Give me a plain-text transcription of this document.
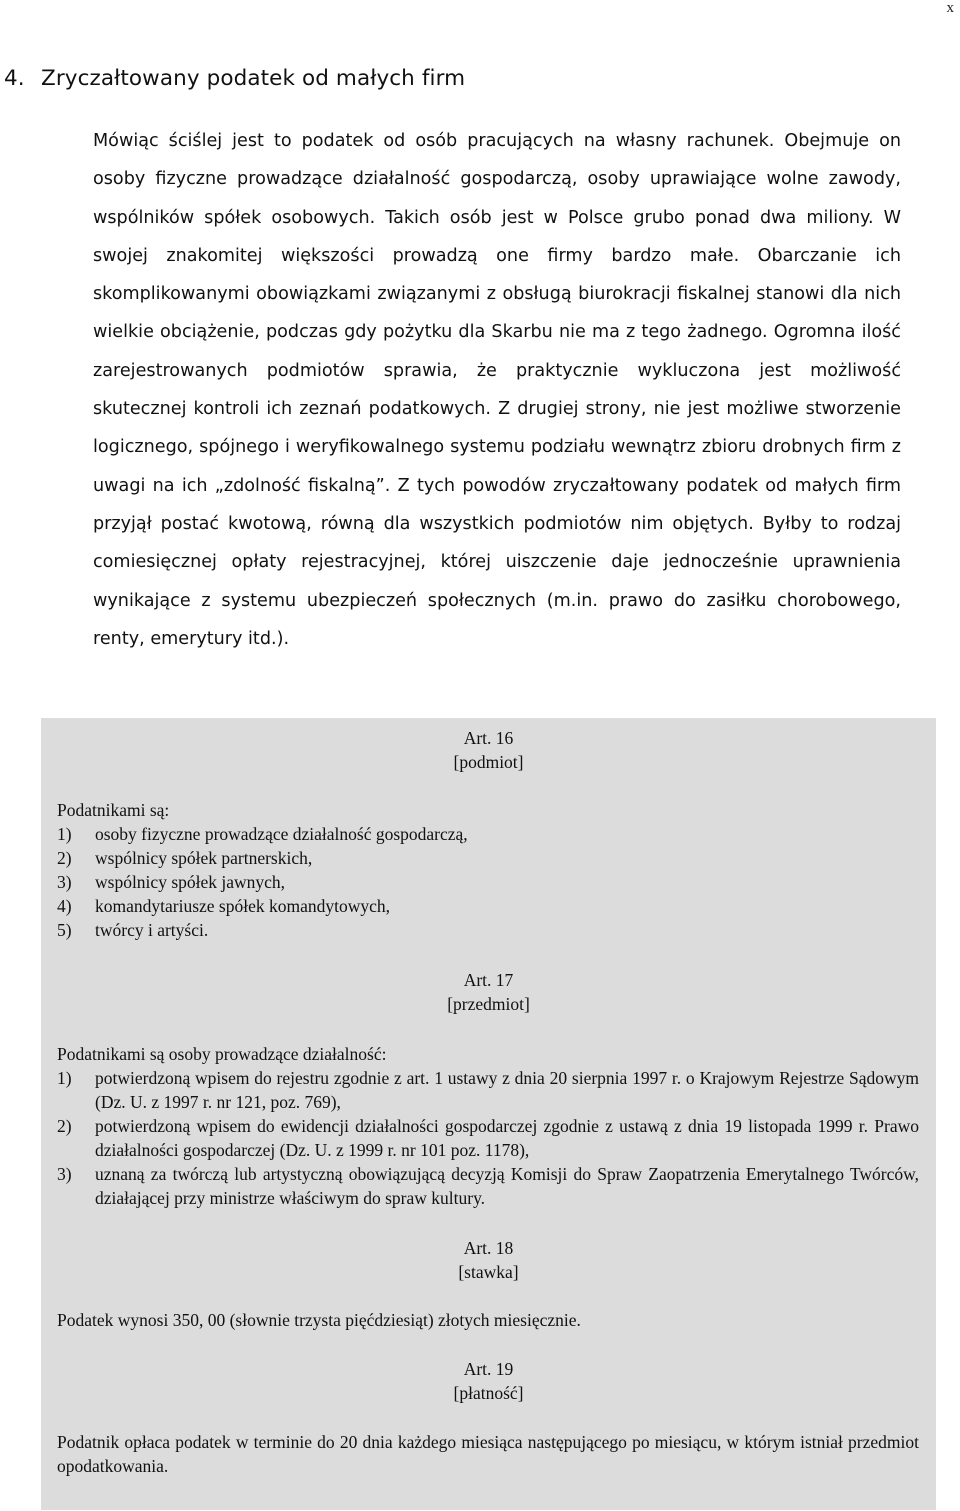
x
4. Zryczałtowany podatek od małych firm

Mówiąc ściślej jest to podatek od osób pracujących na własny rachunek. Obejmuje on osoby fizyczne prowadzące działalność gospodarczą, osoby uprawiające wolne zawody, wspólników spółek osobowych. Takich osób jest w Polsce grubo ponad dwa miliony. W swojej znakomitej większości prowadzą one firmy bardzo małe. Obarczanie ich skomplikowanymi obowiązkami związanymi z obsługą biurokracji fiskalnej stanowi dla nich wielkie obciążenie, podczas gdy pożytku dla Skarbu nie ma z tego żadnego. Ogromna ilość zarejestrowanych podmiotów sprawia, że praktycznie wykluczona jest możliwość skutecznej kontroli ich zeznań podatkowych. Z drugiej strony, nie jest możliwe stworzenie logicznego, spójnego i weryfikowalnego systemu podziału wewnątrz zbioru drobnych firm z uwagi na ich „zdolność fiskalną”. Z tych powodów zryczałtowany podatek od małych firm przyjął postać kwotową, równą dla wszystkich podmiotów nim objętych. Byłby to rodzaj comiesięcznej opłaty rejestracyjnej, której uiszczenie daje jednocześnie uprawnienia wynikające z systemu ubezpieczeń społecznych (m.in. prawo do zasiłku chorobowego, renty, emerytury itd.).

Art. 16
[podmiot]
Podatnikami są:
1) osoby fizyczne prowadzące działalność gospodarczą,
2) wspólnicy spółek partnerskich,
3) wspólnicy spółek jawnych,
4) komandytariusze spółek komandytowych,
5) twórcy i artyści.
Art. 17
[przedmiot]
Podatnikami są osoby prowadzące działalność:
1) potwierdzoną wpisem do rejestru zgodnie z art. 1 ustawy z dnia 20 sierpnia 1997 r. o Krajowym Rejestrze Sądowym (Dz. U. z 1997 r. nr 121, poz. 769),
2) potwierdzoną wpisem do ewidencji działalności gospodarczej zgodnie z ustawą z dnia 19 listopada 1999 r. Prawo działalności gospodarczej (Dz. U. z 1999 r. nr 101 poz. 1178),
3) uznaną za twórczą lub artystyczną obowiązującą decyzją Komisji do Spraw Zaopatrzenia Emerytalnego Twórców, działającej przy ministrze właściwym do spraw kultury.
Art. 18
[stawka]
Podatek wynosi 350, 00 (słownie trzysta pięćdziesiąt) złotych miesięcznie.
Art. 19
[płatność]
Podatnik opłaca podatek w terminie do 20 dnia każdego miesiąca następującego po miesiącu, w którym istniał przedmiot opodatkowania.
